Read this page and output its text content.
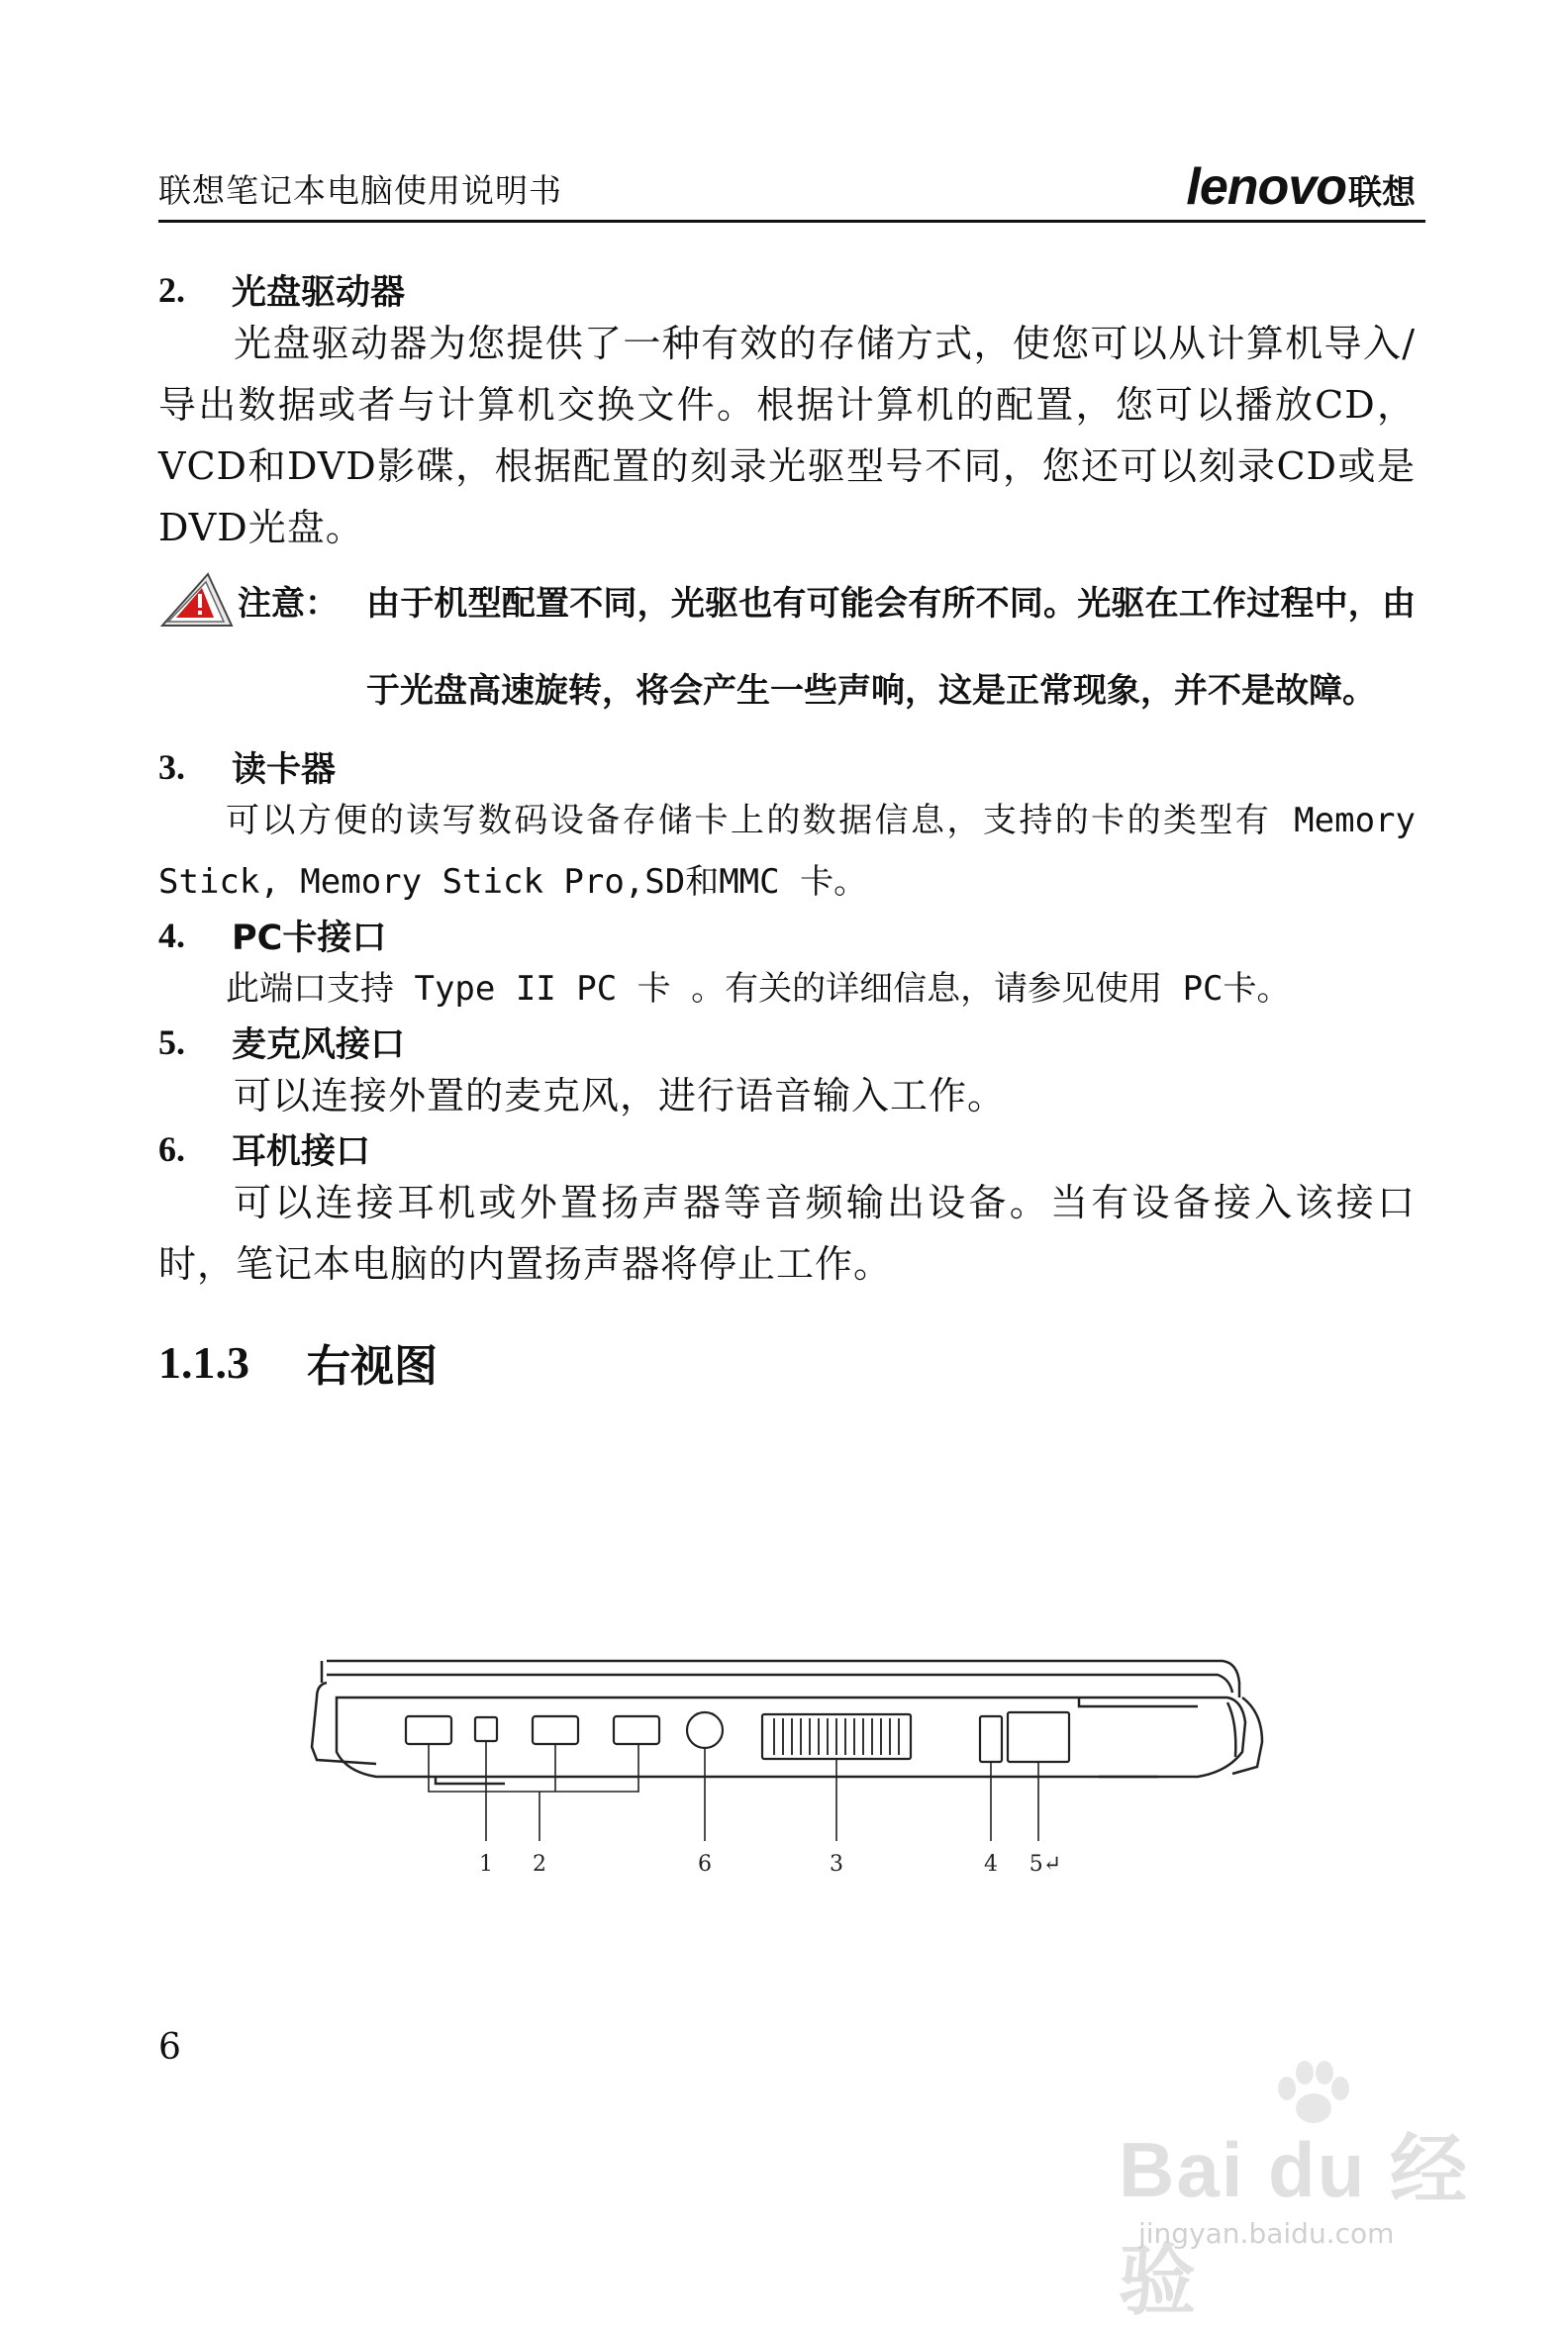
联想笔记本电脑使用说明书	lenovo 联想
2.	光盘驱动器
光盘驱动器为您提供了一种有效的存储方式，使您可以从计算机导入/导出数据或者与计算机交换文件。根据计算机的配置，您可以播放CD，VCD和DVD影碟，根据配置的刻录光驱型号不同，您还可以刻录CD或是DVD光盘。
注意： 由于机型配置不同，光驱也有可能会有所不同。光驱在工作过程中，由于光盘高速旋转，将会产生一些声响，这是正常现象，并不是故障。
3.	读卡器
可以方便的读写数码设备存储卡上的数据信息，支持的卡的类型有 Memory Stick, Memory Stick Pro,SD和MMC 卡。
4.	PC卡接口
此端口支持 Type II PC 卡 。有关的详细信息，请参见使用 PC卡。
5.	麦克风接口
可以连接外置的麦克风，进行语音输入工作。
6.	耳机接口
可以连接耳机或外置扬声器等音频输出设备。当有设备接入该接口时，笔记本电脑的内置扬声器将停止工作。
1.1.3	右视图
1 2	6	3	4 5↵
6
Bai du 经验
jingyan.baidu.com
